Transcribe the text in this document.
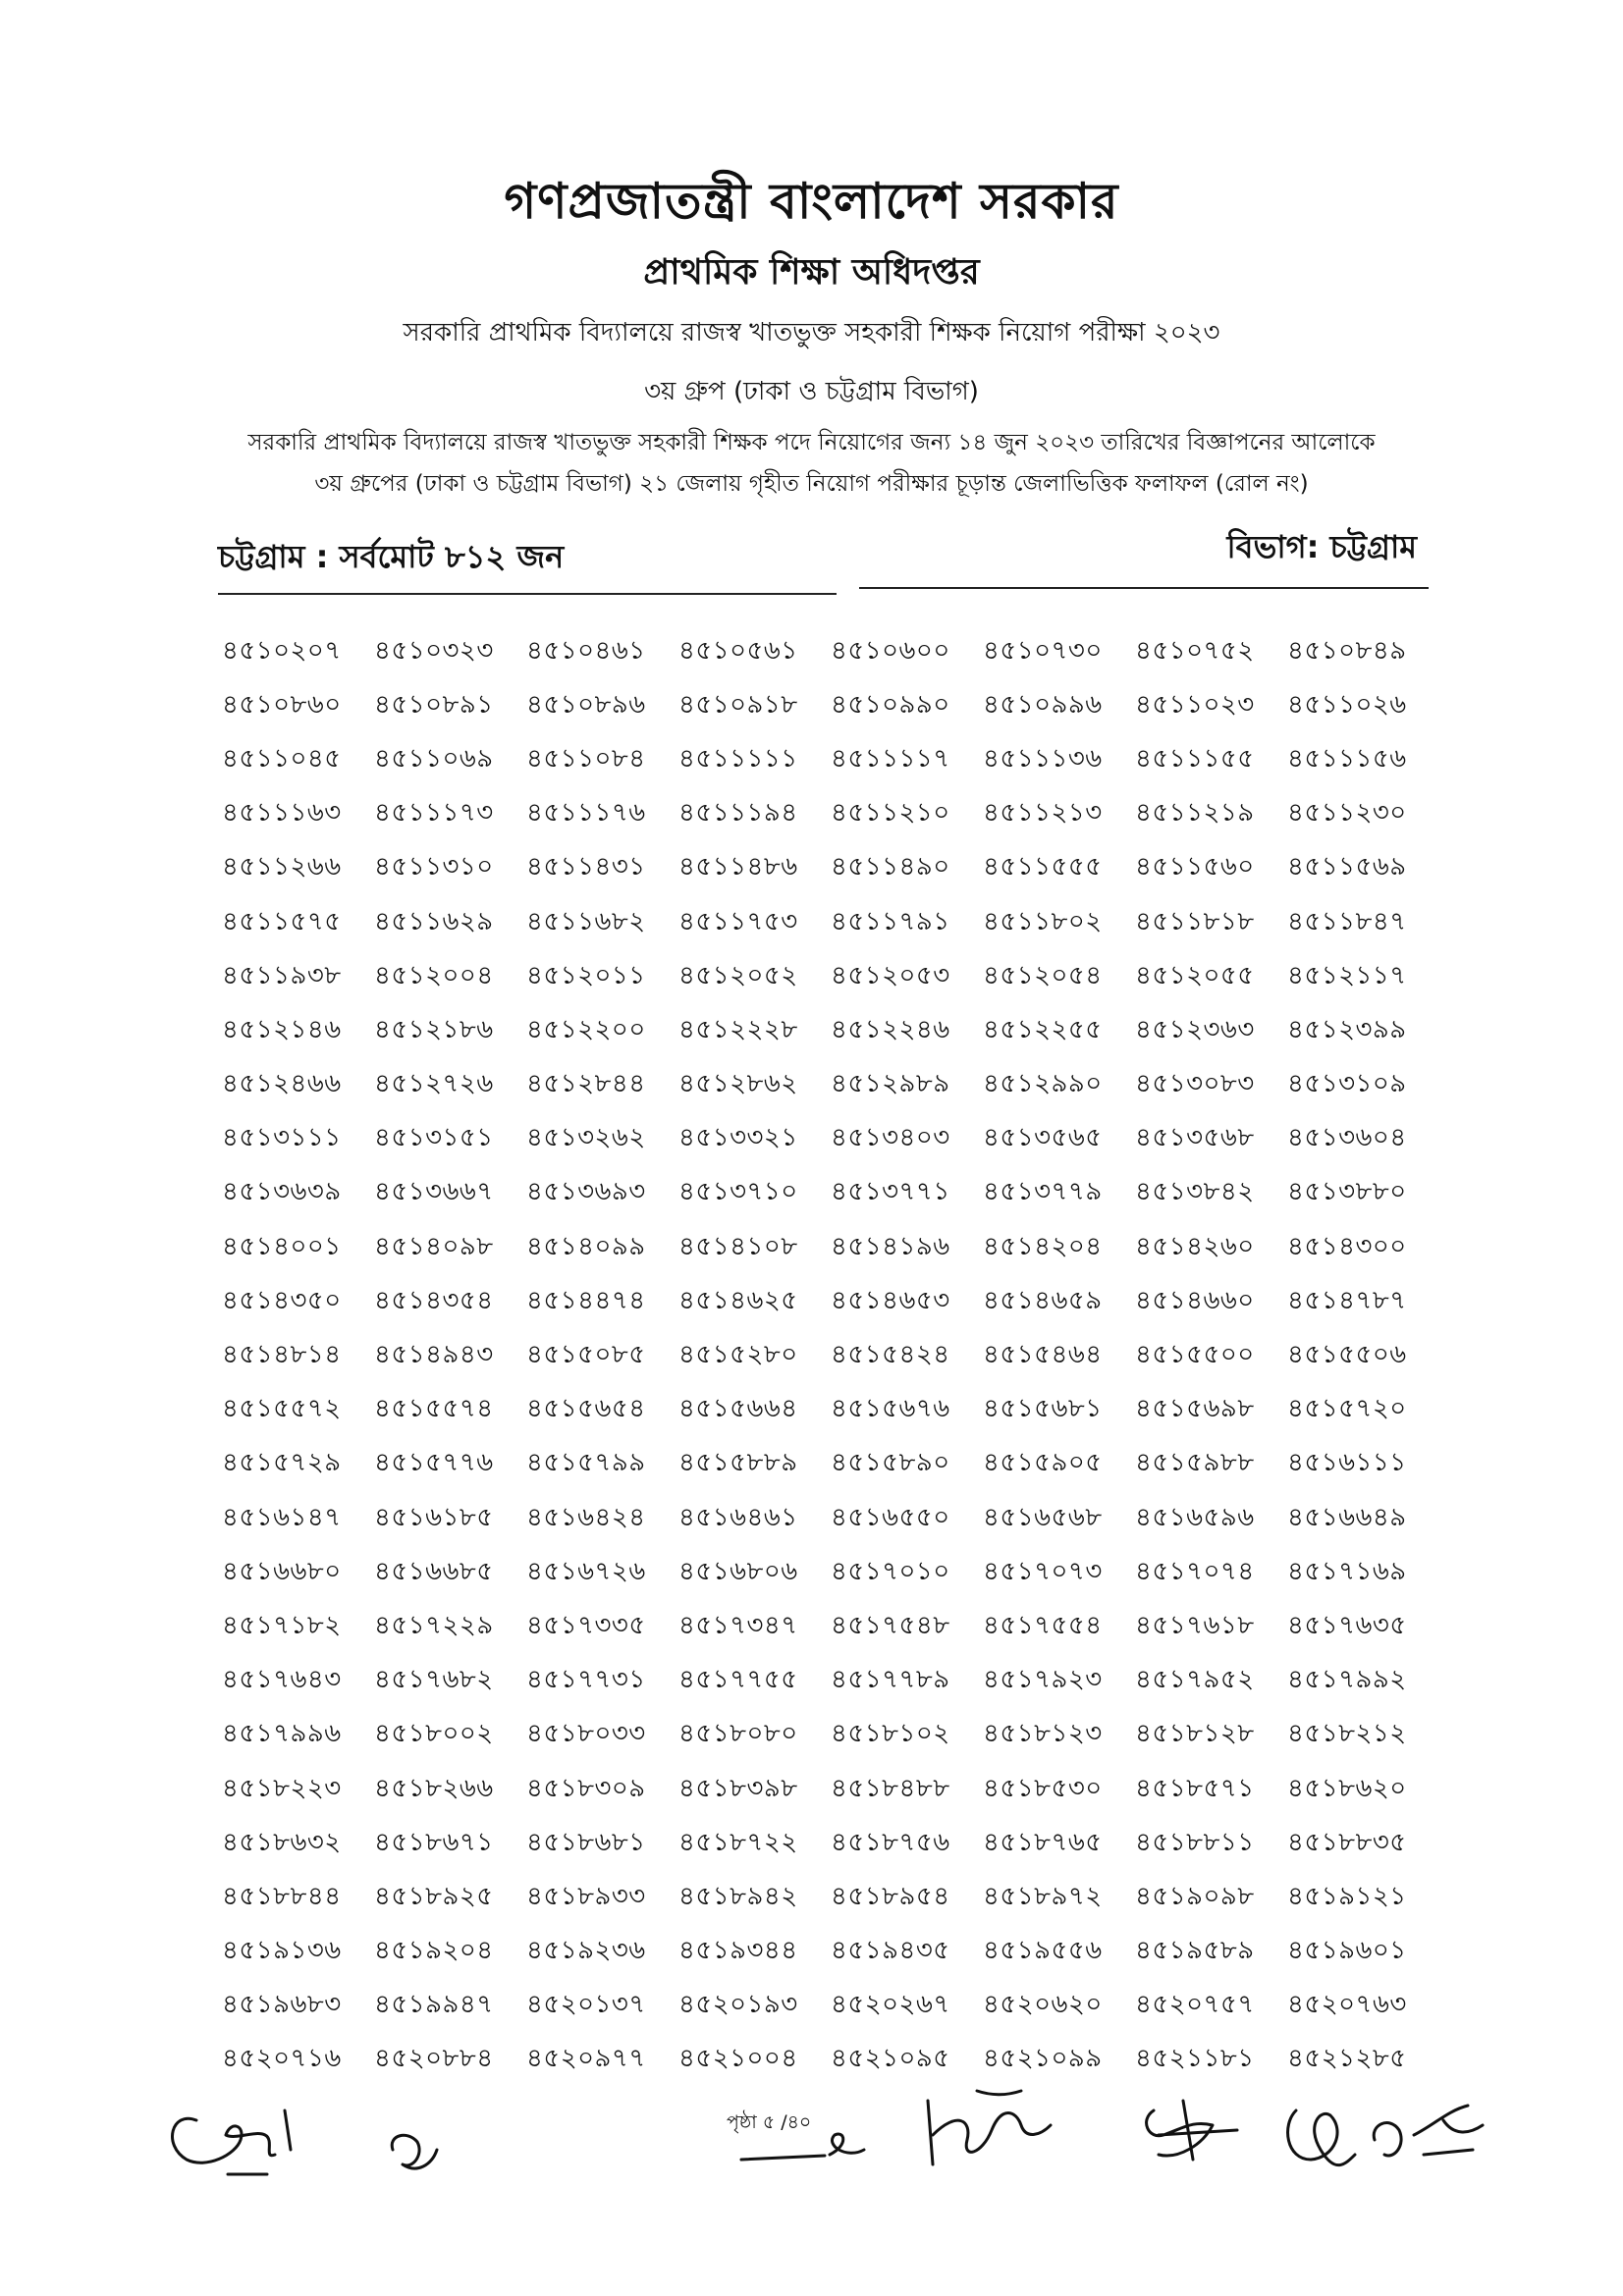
গণপ্রজাতন্ত্রী বাংলাদেশ সরকার
প্রাথমিক শিক্ষা অধিদপ্তর
সরকারি প্রাথমিক বিদ্যালয়ে রাজস্ব খাতভুক্ত সহকারী শিক্ষক নিয়োগ পরীক্ষা ২০২৩
৩য় গ্রুপ (ঢাকা ও চট্টগ্রাম বিভাগ)
সরকারি প্রাথমিক বিদ্যালয়ে রাজস্ব খাতভুক্ত সহকারী শিক্ষক পদে নিয়োগের জন্য ১৪ জুন ২০২৩ তারিখের বিজ্ঞাপনের আলোকে
৩য় গ্রুপের (ঢাকা ও চট্টগ্রাম বিভাগ) ২১ জেলায় গৃহীত নিয়োগ পরীক্ষার চূড়ান্ত জেলাভিত্তিক ফলাফল (রোল নং)
চট্টগ্রাম : সর্বমোট ৮১২ জন	বিভাগ: চট্টগ্রাম
৪৫১০২০৭	৪৫১০৩২৩	৪৫১০৪৬১	৪৫১০৫৬১	৪৫১০৬০০	৪৫১০৭৩০	৪৫১০৭৫২	৪৫১০৮৪৯
৪৫১০৮৬০	৪৫১০৮৯১	৪৫১০৮৯৬	৪৫১০৯১৮	৪৫১০৯৯০	৪৫১০৯৯৬	৪৫১১০২৩	৪৫১১০২৬
৪৫১১০৪৫	৪৫১১০৬৯	৪৫১১০৮৪	৪৫১১১১১	৪৫১১১১৭	৪৫১১১৩৬	৪৫১১১৫৫	৪৫১১১৫৬
৪৫১১১৬৩	৪৫১১১৭৩	৪৫১১১৭৬	৪৫১১১৯৪	৪৫১১২১০	৪৫১১২১৩	৪৫১১২১৯	৪৫১১২৩০
৪৫১১২৬৬	৪৫১১৩১০	৪৫১১৪৩১	৪৫১১৪৮৬	৪৫১১৪৯০	৪৫১১৫৫৫	৪৫১১৫৬০	৪৫১১৫৬৯
৪৫১১৫৭৫	৪৫১১৬২৯	৪৫১১৬৮২	৪৫১১৭৫৩	৪৫১১৭৯১	৪৫১১৮০২	৪৫১১৮১৮	৪৫১১৮৪৭
৪৫১১৯৩৮	৪৫১২০০৪	৪৫১২০১১	৪৫১২০৫২	৪৫১২০৫৩	৪৫১২০৫৪	৪৫১২০৫৫	৪৫১২১১৭
৪৫১২১৪৬	৪৫১২১৮৬	৪৫১২২০০	৪৫১২২২৮	৪৫১২২৪৬	৪৫১২২৫৫	৪৫১২৩৬৩	৪৫১২৩৯৯
৪৫১২৪৬৬	৪৫১২৭২৬	৪৫১২৮৪৪	৪৫১২৮৬২	৪৫১২৯৮৯	৪৫১২৯৯০	৪৫১৩০৮৩	৪৫১৩১০৯
৪৫১৩১১১	৪৫১৩১৫১	৪৫১৩২৬২	৪৫১৩৩২১	৪৫১৩৪০৩	৪৫১৩৫৬৫	৪৫১৩৫৬৮	৪৫১৩৬০৪
৪৫১৩৬৩৯	৪৫১৩৬৬৭	৪৫১৩৬৯৩	৪৫১৩৭১০	৪৫১৩৭৭১	৪৫১৩৭৭৯	৪৫১৩৮৪২	৪৫১৩৮৮০
৪৫১৪০০১	৪৫১৪০৯৮	৪৫১৪০৯৯	৪৫১৪১০৮	৪৫১৪১৯৬	৪৫১৪২০৪	৪৫১৪২৬০	৪৫১৪৩০০
৪৫১৪৩৫০	৪৫১৪৩৫৪	৪৫১৪৪৭৪	৪৫১৪৬২৫	৪৫১৪৬৫৩	৪৫১৪৬৫৯	৪৫১৪৬৬০	৪৫১৪৭৮৭
৪৫১৪৮১৪	৪৫১৪৯৪৩	৪৫১৫০৮৫	৪৫১৫২৮০	৪৫১৫৪২৪	৪৫১৫৪৬৪	৪৫১৫৫০০	৪৫১৫৫০৬
৪৫১৫৫৭২	৪৫১৫৫৭৪	৪৫১৫৬৫৪	৪৫১৫৬৬৪	৪৫১৫৬৭৬	৪৫১৫৬৮১	৪৫১৫৬৯৮	৪৫১৫৭২০
৪৫১৫৭২৯	৪৫১৫৭৭৬	৪৫১৫৭৯৯	৪৫১৫৮৮৯	৪৫১৫৮৯০	৪৫১৫৯০৫	৪৫১৫৯৮৮	৪৫১৬১১১
৪৫১৬১৪৭	৪৫১৬১৮৫	৪৫১৬৪২৪	৪৫১৬৪৬১	৪৫১৬৫৫০	৪৫১৬৫৬৮	৪৫১৬৫৯৬	৪৫১৬৬৪৯
৪৫১৬৬৮০	৪৫১৬৬৮৫	৪৫১৬৭২৬	৪৫১৬৮০৬	৪৫১৭০১০	৪৫১৭০৭৩	৪৫১৭০৭৪	৪৫১৭১৬৯
৪৫১৭১৮২	৪৫১৭২২৯	৪৫১৭৩৩৫	৪৫১৭৩৪৭	৪৫১৭৫৪৮	৪৫১৭৫৫৪	৪৫১৭৬১৮	৪৫১৭৬৩৫
৪৫১৭৬৪৩	৪৫১৭৬৮২	৪৫১৭৭৩১	৪৫১৭৭৫৫	৪৫১৭৭৮৯	৪৫১৭৯২৩	৪৫১৭৯৫২	৪৫১৭৯৯২
৪৫১৭৯৯৬	৪৫১৮০০২	৪৫১৮০৩৩	৪৫১৮০৮০	৪৫১৮১০২	৪৫১৮১২৩	৪৫১৮১২৮	৪৫১৮২১২
৪৫১৮২২৩	৪৫১৮২৬৬	৪৫১৮৩০৯	৪৫১৮৩৯৮	৪৫১৮৪৮৮	৪৫১৮৫৩০	৪৫১৮৫৭১	৪৫১৮৬২০
৪৫১৮৬৩২	৪৫১৮৬৭১	৪৫১৮৬৮১	৪৫১৮৭২২	৪৫১৮৭৫৬	৪৫১৮৭৬৫	৪৫১৮৮১১	৪৫১৮৮৩৫
৪৫১৮৮৪৪	৪৫১৮৯২৫	৪৫১৮৯৩৩	৪৫১৮৯৪২	৪৫১৮৯৫৪	৪৫১৮৯৭২	৪৫১৯০৯৮	৪৫১৯১২১
৪৫১৯১৩৬	৪৫১৯২০৪	৪৫১৯২৩৬	৪৫১৯৩৪৪	৪৫১৯৪৩৫	৪৫১৯৫৫৬	৪৫১৯৫৮৯	৪৫১৯৬০১
৪৫১৯৬৮৩	৪৫১৯৯৪৭	৪৫২০১৩৭	৪৫২০১৯৩	৪৫২০২৬৭	৪৫২০৬২০	৪৫২০৭৫৭	৪৫২০৭৬৩
৪৫২০৭১৬	৪৫২০৮৮৪	৪৫২০৯৭৭	৪৫২১০০৪	৪৫২১০৯৫	৪৫২১০৯৯	৪৫২১১৮১	৪৫২১২৮৫
পৃষ্ঠা ৫ /৪০
